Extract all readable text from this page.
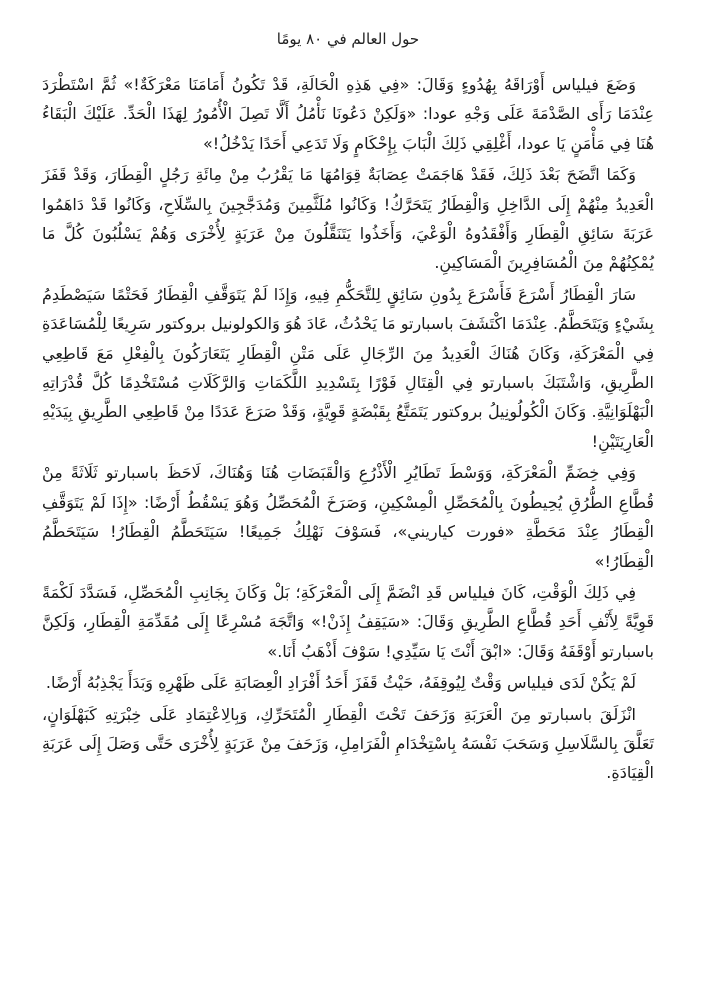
حول العالم في ٨٠ يومًا

وَضَعَ فيلياس أَوْرَاقَهُ بِهُدُوءٍ وَقَالَ: «فِي هَذِهِ الْحَالَةِ، قَدْ تَكُونُ أَمَامَنَا مَعْرَكَةٌ!» ثُمَّ اسْتَطْرَدَ عِنْدَمَا رَأَى الصَّدْمَةَ عَلَى وَجْهِ عودا: «وَلَكِنْ دَعُونَا نَأْمُلُ أَلَّا تَصِلَ الْأُمُورُ لِهَذَا الْحَدِّ. عَلَيْكَ الْبَقَاءُ هُنَا فِي مَأْمَنٍ يَا عودا، أَغْلِقِي ذَلِكَ الْبَابَ بِإِحْكَامٍ وَلَا تَدَعِي أَحَدًا يَدْخُلُ!»

وَكَمَا اتَّضَحَ بَعْدَ ذَلِكَ، فَقَدْ هَاجَمَتْ عِصَابَةٌ قِوَامُهَا مَا يَقْرُبُ مِنْ مِائَةِ رَجُلٍ الْقِطَارَ، وَقَدْ قَفَزَ الْعَدِيدُ مِنْهُمْ إِلَى الدَّاخِلِ وَالْقِطَارُ يَتَحَرَّكُ! وَكَانُوا مُلَثَّمِينَ وَمُدَجَّجِينَ بِالسِّلَاحِ، وَكَانُوا قَدْ دَاهَمُوا عَرَبَةَ سَائِقِ الْقِطَارِ وَأَفْقَدُوهُ الْوَعْيَ، وَأَخَذُوا يَتَنَقَّلُونَ مِنْ عَرَبَةٍ لِأُخْرَى وَهُمْ يَسْلُبُونَ كُلَّ مَا يُمْكِنُهُمْ مِنَ الْمُسَافِرِينَ الْمَسَاكِينِ.

سَارَ الْقِطَارُ أَسْرَعَ فَأَسْرَعَ بِدُونِ سَائِقٍ لِلتَّحَكُّمِ فِيهِ، وَإِذَا لَمْ يَتَوَقَّفِ الْقِطَارُ فَحَتْمًا سَيَصْطَدِمُ بِشَيْءٍ وَيَتَحَطَّمُ. عِنْدَمَا اكْتَشَفَ باسبارتو مَا يَحْدُثُ، عَادَ هُوَ وَالكولونيل بروكتور سَرِيعًا لِلْمُسَاعَدَةِ فِي الْمَعْرَكَةِ، وَكَانَ هُنَاكَ الْعَدِيدُ مِنَ الرِّجَالِ عَلَى مَتْنِ الْقِطَارِ يَتَعَارَكُونَ بِالْفِعْلِ مَعَ قَاطِعِي الطَّرِيقِ، وَاشْتَبَكَ باسبارتو فِي الْقِتَالِ فَوْرًا بِتَسْدِيدِ اللَّكَمَاتِ وَالرَّكَلَاتِ مُسْتَخْدِمًا كُلَّ قُدْرَاتِهِ الْبَهْلَوَانِيَّةِ. وَكَانَ الْكُولُونِيلُ بروكتور يَتَمَتَّعُ بِقَبْضَةٍ قَوِيَّةٍ، وَقَدْ صَرَعَ عَدَدًا مِنْ قَاطِعِي الطَّرِيقِ بِيَدَيْهِ الْعَارِيَتَيْنِ!

وَفِي خِضَمِّ الْمَعْرَكَةِ، وَوَسْطَ تَطَايُرِ الْأَذْرُعِ وَالْقَبَضَاتِ هُنَا وَهُنَاكَ، لَاحَظَ باسبارتو ثَلَاثَةً مِنْ قُطَّاعِ الطُّرُقِ يُحِيطُونَ بِالْمُحَصِّلِ الْمِسْكِينِ، وَصَرَخَ الْمُحَصِّلُ وَهُوَ يَسْقُطُ أَرْضًا: «إِذَا لَمْ يَتَوَقَّفِ الْقِطَارُ عِنْدَ مَحَطَّةِ «فورت كياريني»، فَسَوْفَ نَهْلِكُ جَمِيعًا! سَيَتَحَطَّمُ الْقِطَارُ! سَيَتَحَطَّمُ الْقِطَارُ!»

فِي ذَلِكَ الْوَقْتِ، كَانَ فيلياس قَدِ انْضَمَّ إِلَى الْمَعْرَكَةِ؛ بَلْ وَكَانَ بِجَانِبِ الْمُحَصِّلِ، فَسَدَّدَ لَكْمَةً قَوِيَّةً لِأَنْفِ أَحَدِ قُطَّاعِ الطَّرِيقِ وَقَالَ: «سَيَقِفُ إِذَنْ!» وَاتَّجَهَ مُسْرِعًا إِلَى مُقَدِّمَةِ الْقِطَارِ، وَلَكِنَّ باسبارتو أَوْقَفَهُ وَقَالَ: «ابْقَ أَنْتَ يَا سَيِّدِي! سَوْفَ أَذْهَبُ أَنَا.»

لَمْ يَكُنْ لَدَى فيلياس وَقْتٌ لِيُوقِفَهُ، حَيْثُ قَفَزَ أَحَدُ أَفْرَادِ الْعِصَابَةِ عَلَى ظَهْرِهِ وَبَدَأَ يَجْذِبُهُ أَرْضًا.

انْزَلَقَ باسبارتو مِنَ الْعَرَبَةِ وَزَحَفَ تَحْتَ الْقِطَارِ الْمُتَحَرِّكِ، وَبِالِاعْتِمَادِ عَلَى خِبْرَتِهِ كَبَهْلَوَانٍ، تَعَلَّقَ بِالسَّلَاسِلِ وَسَحَبَ نَفْسَهُ بِاسْتِخْدَامِ الْفَرَامِلِ، وَزَحَفَ مِنْ عَرَبَةٍ لِأُخْرَى حَتَّى وَصَلَ إِلَى عَرَبَةِ الْقِيَادَةِ.
